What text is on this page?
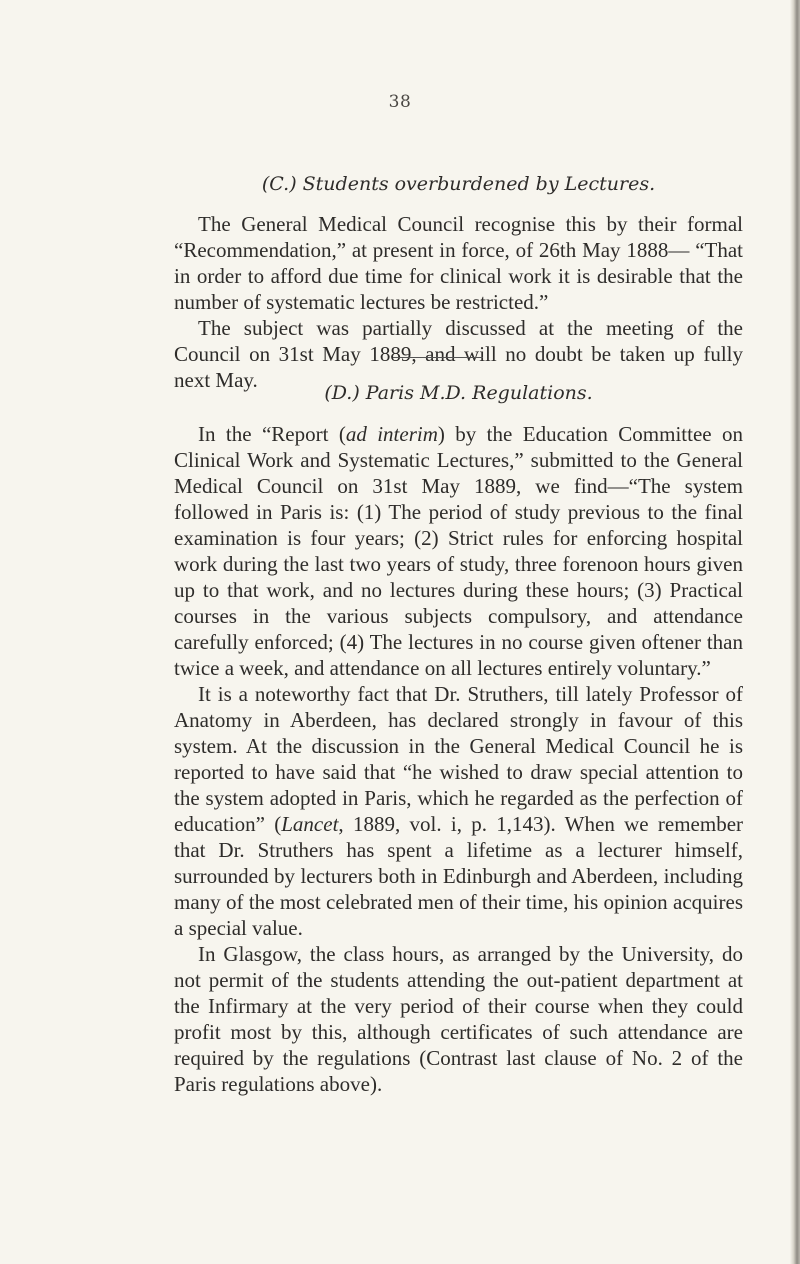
38

(C.) Students overburdened by Lectures.

The General Medical Council recognise this by their formal “Recommendation,” at present in force, of 26th May 1888— “That in order to afford due time for clinical work it is desirable that the number of systematic lectures be restricted.”

The subject was partially discussed at the meeting of the Council on 31st May 1889, and will no doubt be taken up fully next May.

(D.) Paris M.D. Regulations.

In the “Report (ad interim) by the Education Committee on Clinical Work and Systematic Lectures,” submitted to the General Medical Council on 31st May 1889, we find—“The system followed in Paris is: (1) The period of study previous to the final examination is four years; (2) Strict rules for enforcing hospital work during the last two years of study, three forenoon hours given up to that work, and no lectures during these hours; (3) Practical courses in the various subjects compulsory, and attendance carefully enforced; (4) The lectures in no course given oftener than twice a week, and attendance on all lectures entirely voluntary.”

It is a noteworthy fact that Dr. Struthers, till lately Professor of Anatomy in Aberdeen, has declared strongly in favour of this system. At the discussion in the General Medical Council he is reported to have said that “he wished to draw special attention to the system adopted in Paris, which he regarded as the perfection of education” (Lancet, 1889, vol. i, p. 1,143). When we remember that Dr. Struthers has spent a lifetime as a lecturer himself, surrounded by lecturers both in Edinburgh and Aberdeen, including many of the most celebrated men of their time, his opinion acquires a special value.

In Glasgow, the class hours, as arranged by the University, do not permit of the students attending the out-patient department at the Infirmary at the very period of their course when they could profit most by this, although certificates of such attendance are required by the regulations (Contrast last clause of No. 2 of the Paris regulations above).
